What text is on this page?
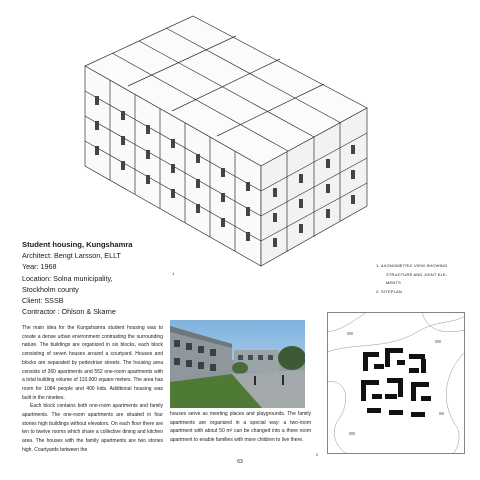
1
Student housing, Kungshamra
Architect: Bengt Larsson, ELLT
Year: 1968
Location: Solna municipality,
Stockholm county
Client: SSSB
Contractor : Ohlson & Skarne
1. AXONOMETRIC VIEW SHOWING
STRUCTURE AND JOINT ELE-
MENTS
2. SITEPLAN

The main idea for the Kungshamra student housing was to create a dense urban environment contrasting the surrounding nature. The buildings are organized in six blocks, each block consisting of seven houses around a courtyard. Houses and blocks are separated by pedestrian streets. The housing area consists of 260 apartments and 552 one-room apartments with a total building volume of 110.000 square meters. The area has room for 1084 people and 400 kids. Additional housing was built in the nineties.

Each block contains both one-room apartments and family apartments. The one-room apartments are situated in four stories high buildings without elevators. On each floor there are ten to twelve rooms which share a collective dining and kitchen area. The houses with the family apartments are two stories high. Courtyards between the

houses serve as meeting places and playgrounds. The family apartments are organized in a special way: a two-room apartment with about 50 m² can be changed into a three room apartment to enable families with more children to live there.

2
63
